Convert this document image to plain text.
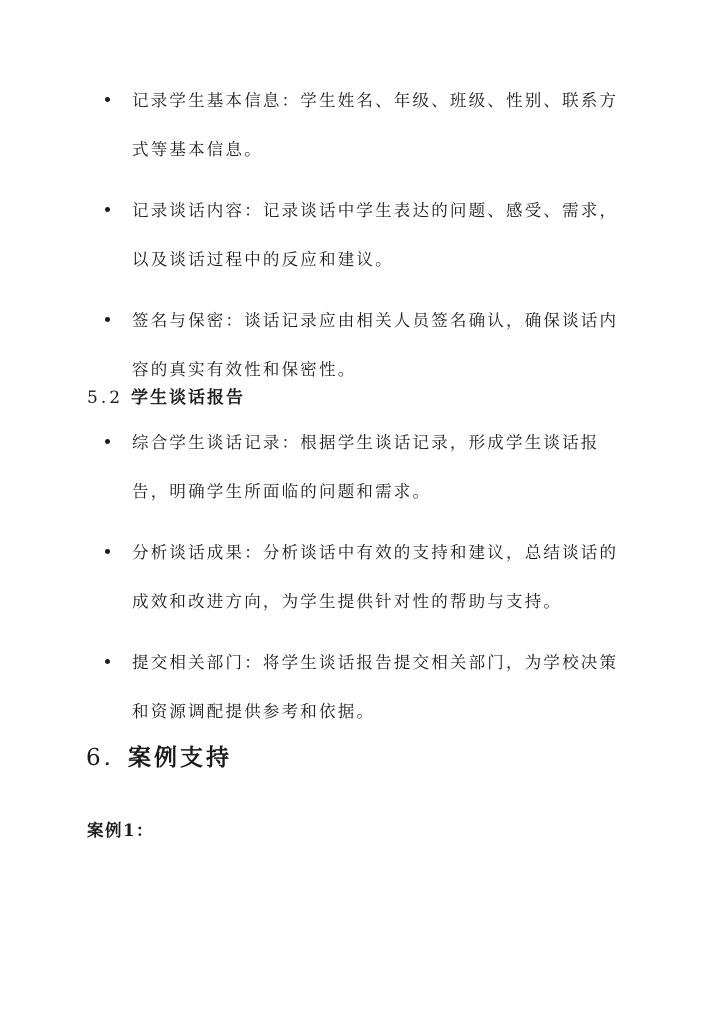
记录学生基本信息：学生姓名、年级、班级、性别、联系方式等基本信息。
记录谈话内容：记录谈话中学生表达的问题、感受、需求，以及谈话过程中的反应和建议。
签名与保密：谈话记录应由相关人员签名确认，确保谈话内容的真实有效性和保密性。
5.2 学生谈话报告
综合学生谈话记录：根据学生谈话记录，形成学生谈话报告，明确学生所面临的问题和需求。
分析谈话成果：分析谈话中有效的支持和建议，总结谈话的成效和改进方向，为学生提供针对性的帮助与支持。
提交相关部门：将学生谈话报告提交相关部门，为学校决策和资源调配提供参考和依据。
6. 案例支持
案例1：
